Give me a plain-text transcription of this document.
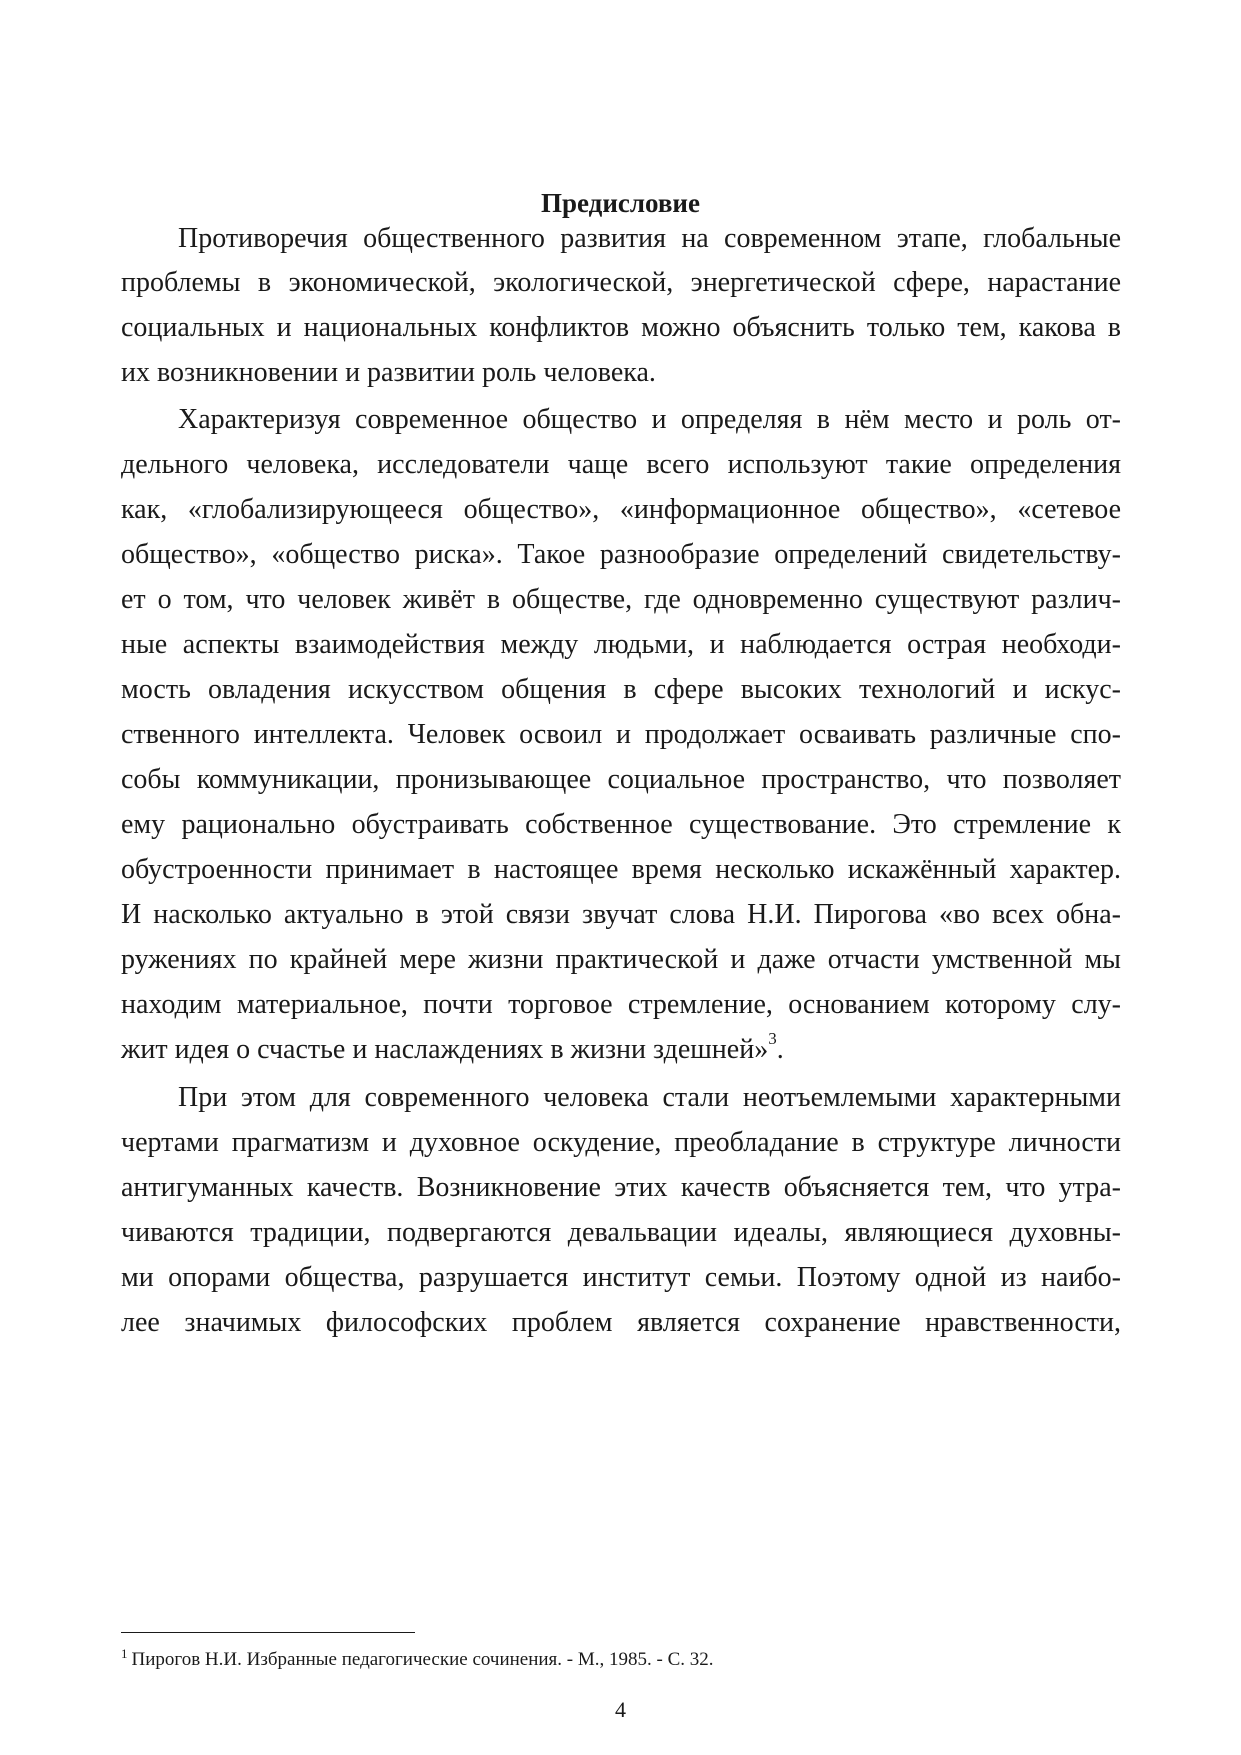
Предисловие
Противоречия общественного развития на современном этапе, глобальные
проблемы в экономической, экологической, энергетической сфере, нарастание
социальных и национальных конфликтов можно объяснить только тем, какова в
их возникновении и развитии роль человека.
Характеризуя современное общество и определяя в нём место и роль от-
дельного человека, исследователи чаще всего используют такие определения
как, «глобализирующееся общество», «информационное общество», «сетевое
общество», «общество риска». Такое разнообразие определений свидетельству-
ет о том, что человек живёт в обществе, где одновременно существуют различ-
ные аспекты взаимодействия между людьми, и наблюдается острая необходи-
мость овладения искусством общения в сфере высоких технологий и искус-
ственного интеллекта. Человек освоил и продолжает осваивать различные спо-
собы коммуникации, пронизывающее социальное пространство, что позволяет
ему рационально обустраивать собственное существование. Это стремление к
обустроенности принимает в настоящее время несколько искажённый характер.
И насколько актуально в этой связи звучат слова Н.И. Пирогова «во всех обна-
ружениях по крайней мере жизни практической и даже отчасти умственной мы
находим материальное, почти торговое стремление, основанием которому слу-
жит идея о счастье и наслаждениях в жизни здешней»$^3$.
При этом для современного человека стали неотъемлемыми характерными
чертами прагматизм и духовное оскудение, преобладание в структуре личности
антигуманных качеств. Возникновение этих качеств объясняется тем, что утра-
чиваются традиции, подвергаются девальвации идеалы, являющиеся духовны-
ми опорами общества, разрушается институт семьи. Поэтому одной из наибо-
лее значимых философских проблем является сохранение нравственности,
$^1$ Пирогов Н.И. Избранные педагогические сочинения. - М., 1985. - С. 32.
4
